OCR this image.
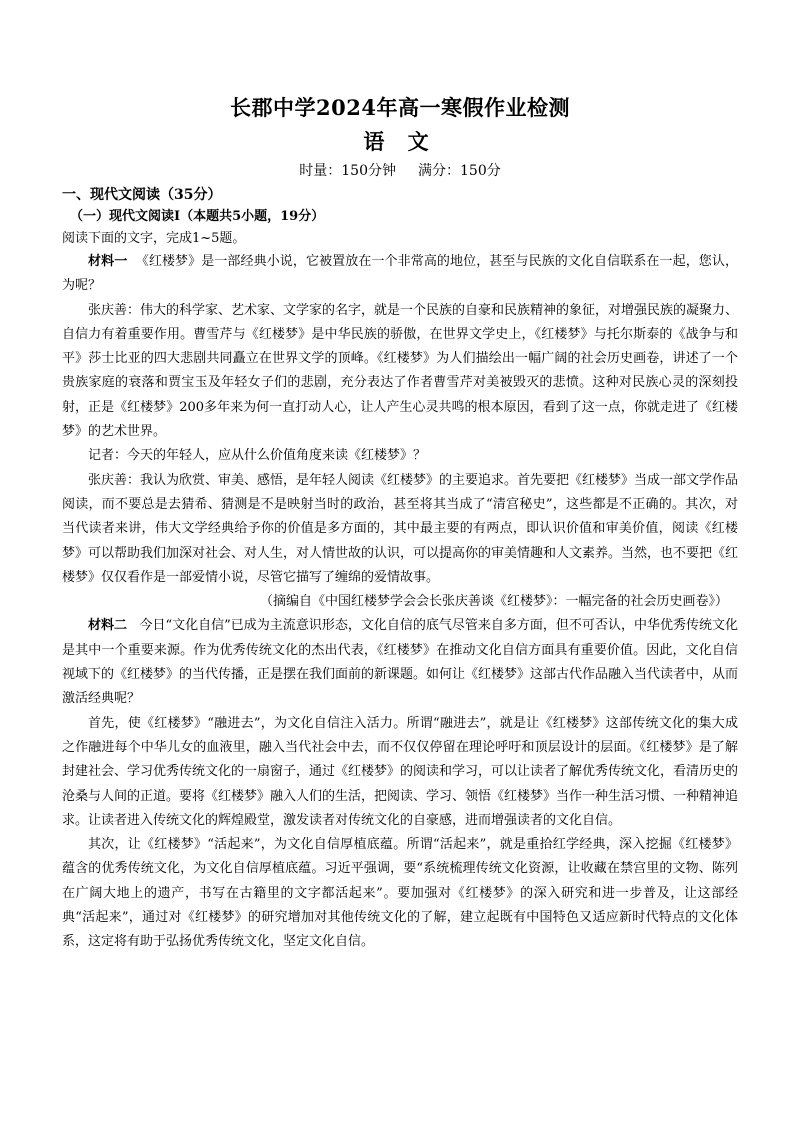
长郡中学2024年高一寒假作业检测
语 文
时量：150分钟 满分：150分
一、现代文阅读（35分）
（一）现代文阅读Ⅰ（本题共5小题，19分）
阅读下面的文字，完成1~5题。

材料一 《红楼梦》是一部经典小说，它被置放在一个非常高的地位，甚至与民族的文化自信联系在一起，您认，为呢？

张庆善：伟大的科学家、艺术家、文学家的名字，就是一个民族的自豪和民族精神的象征，对增强民族的凝聚力、自信力有着重要作用。曹雪芹与《红楼梦》是中华民族的骄傲，在世界文学史上，《红楼梦》与托尔斯泰的《战争与和平》莎士比亚的四大悲剧共同矗立在世界文学的顶峰。《红楼梦》为人们描绘出一幅广阔的社会历史画卷，讲述了一个贵族家庭的衰落和贾宝玉及年轻女子们的悲剧，充分表达了作者曹雪芹对美被毁灭的悲愤。这种对民族心灵的深刻投射，正是《红楼梦》200多年来为何一直打动人心，让人产生心灵共鸣的根本原因，看到了这一点，你就走进了《红楼梦》的艺术世界。

记者：今天的年轻人，应从什么价值角度来读《红楼梦》？

张庆善：我认为欣赏、审美、感悟，是年轻人阅读《红楼梦》的主要追求。首先要把《红楼梦》当成一部文学作品阅读，而不要总是去猜希、猜测是不是映射当时的政治，甚至将其当成了“清宫秘史”，这些都是不正确的。其次，对当代读者来讲，伟大文学经典给予你的价值是多方面的，其中最主要的有两点，即认识价值和审美价值，阅读《红楼梦》可以帮助我们加深对社会、对人生，对人情世故的认识，可以提高你的审美情趣和人文素养。当然，也不要把《红楼梦》仅仅看作是一部爱情小说，尽管它描写了缠绵的爱情故事。

（摘编自《中国红楼梦学会会长张庆善谈《红楼梦》：一幅完备的社会历史画卷》）

材料二 今日“文化自信”已成为主流意识形态，文化自信的底气尽管来自多方面，但不可否认，中华优秀传统文化是其中一个重要来源。作为优秀传统文化的杰出代表，《红楼梦》在推动文化自信方面具有重要价值。因此，文化自信视域下的《红楼梦》的当代传播，正是摆在我们面前的新课题。如何让《红楼梦》这部古代作品融入当代读者中，从而激活经典呢？

首先，使《红楼梦》“融进去”，为文化自信注入活力。所谓“融进去”，就是让《红楼梦》这部传统文化的集大成之作融进每个中华儿女的血液里，融入当代社会中去，而不仅仅停留在理论呼吁和顶层设计的层面。《红楼梦》是了解封建社会、学习优秀传统文化的一扇窗子，通过《红楼梦》的阅读和学习，可以让读者了解优秀传统文化，看清历史的沧桑与人间的正道。要将《红楼梦》融入人们的生活，把阅读、学习、领悟《红楼梦》当作一种生活习惯、一种精神追求。让读者进入传统文化的辉煌殿堂，激发读者对传统文化的自豪感，进而增强读者的文化自信。

其次，让《红楼梦》“活起来”，为文化自信厚植底蕴。所谓“活起来”，就是重拾红学经典，深入挖掘《红楼梦》蕴含的优秀传统文化，为文化自信厚植底蕴。习近平强调，要“系统梳理传统文化资源，让收藏在禁宫里的文物、陈列在广阔大地上的遗产，书写在古籍里的文字都活起来”。要加强对《红楼梦》的深入研究和进一步普及，让这部经典“活起来”，通过对《红楼梦》的研究增加对其他传统文化的了解，建立起既有中国特色又适应新时代特点的文化体系，这定将有助于弘扬优秀传统文化，坚定文化自信。
